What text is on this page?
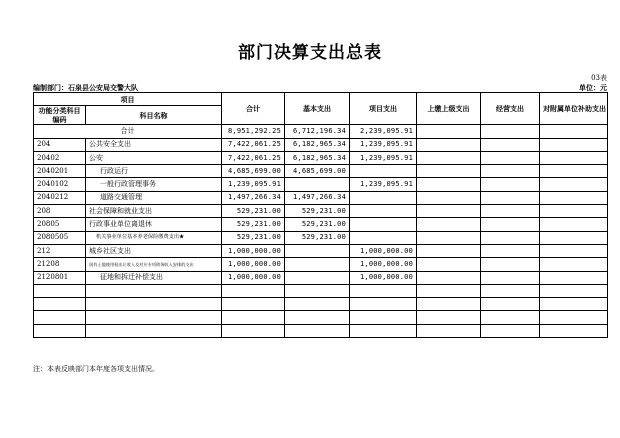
部门决算支出总表
03表
编制部门：石泉县公安局交警大队	单位：元
项目		合计	基本支出	项目支出	上缴上级支出	经营支出	对附属单位补助支出
功能分类科目编码	科目名称						

合计		8,951,292.25	6,712,196.34	2,239,095.91			
204	公共安全支出	7,422,061.25	6,182,965.34	1,239,095.91			
20402	公安	7,422,061.25	6,182,965.34	1,239,095.91			
2040201	行政运行	4,685,699.00	4,685,699.00				
2040102	一般行政管理事务	1,239,095.91		1,239,095.91			
2040212	道路交通管理	1,497,266.34	1,497,266.34				
208	社会保障和就业支出	529,231.00	529,231.00				
20805	行政事业单位离退休	529,231.00	529,231.00				
2080505	机关事业单位基本养老保险缴费支出★	529,231.00	529,231.00				
212	城乡社区支出	1,000,000.00		1,000,000.00			
21208	国有土地使用权出让收入及对应专项债务收入安排的支出	1,000,000.00		1,000,000.00			
2120801	征地和拆迁补偿支出	1,000,000.00		1,000,000.00			

注：本表反映部门本年度各项支出情况。
